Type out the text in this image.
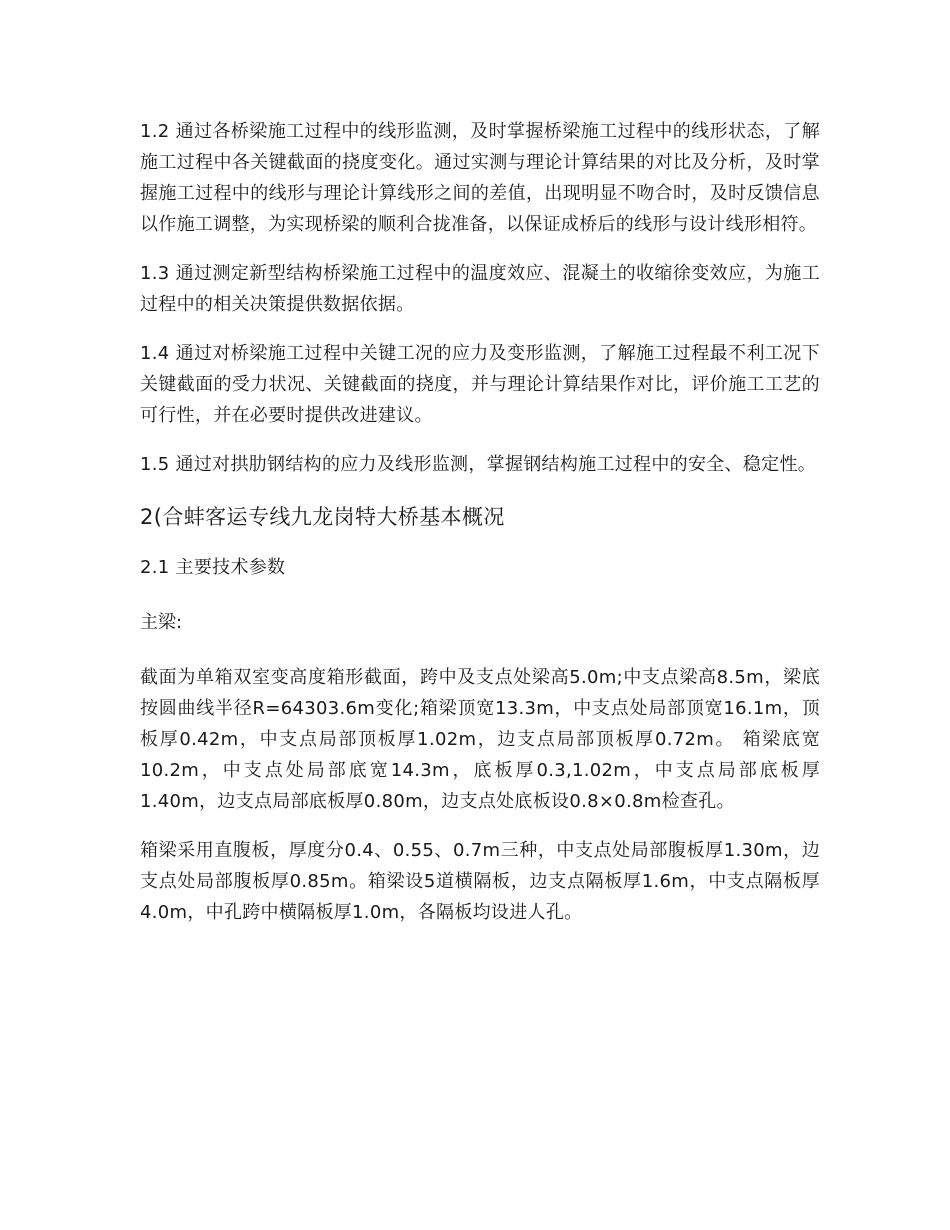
1.2 通过各桥梁施工过程中的线形监测，及时掌握桥梁施工过程中的线形状态，了解施工过程中各关键截面的挠度变化。通过实测与理论计算结果的对比及分析，及时掌握施工过程中的线形与理论计算线形之间的差值，出现明显不吻合时，及时反馈信息以作施工调整，为实现桥梁的顺利合拢准备，以保证成桥后的线形与设计线形相符。

1.3 通过测定新型结构桥梁施工过程中的温度效应、混凝土的收缩徐变效应，为施工过程中的相关决策提供数据依据。

1.4 通过对桥梁施工过程中关键工况的应力及变形监测，了解施工过程最不利工况下关键截面的受力状况、关键截面的挠度，并与理论计算结果作对比，评价施工工艺的可行性，并在必要时提供改进建议。

1.5 通过对拱肋钢结构的应力及线形监测，掌握钢结构施工过程中的安全、稳定性。

2(合蚌客运专线九龙岗特大桥基本概况
2.1 主要技术参数
主梁:

截面为单箱双室变高度箱形截面，跨中及支点处梁高5.0m;中支点梁高8.5m，梁底按圆曲线半径R=64303.6m变化;箱梁顶宽13.3m，中支点处局部顶宽16.1m，顶板厚0.42m，中支点局部顶板厚1.02m，边支点局部顶板厚0.72m。 箱梁底宽10.2m，中支点处局部底宽14.3m，底板厚0.3,1.02m，中支点局部底板厚1.40m，边支点局部底板厚0.80m，边支点处底板设0.8×0.8m检查孔。

箱梁采用直腹板，厚度分0.4、0.55、0.7m三种，中支点处局部腹板厚1.30m，边支点处局部腹板厚0.85m。箱梁设5道横隔板，边支点隔板厚1.6m，中支点隔板厚4.0m，中孔跨中横隔板厚1.0m，各隔板均设进人孔。
